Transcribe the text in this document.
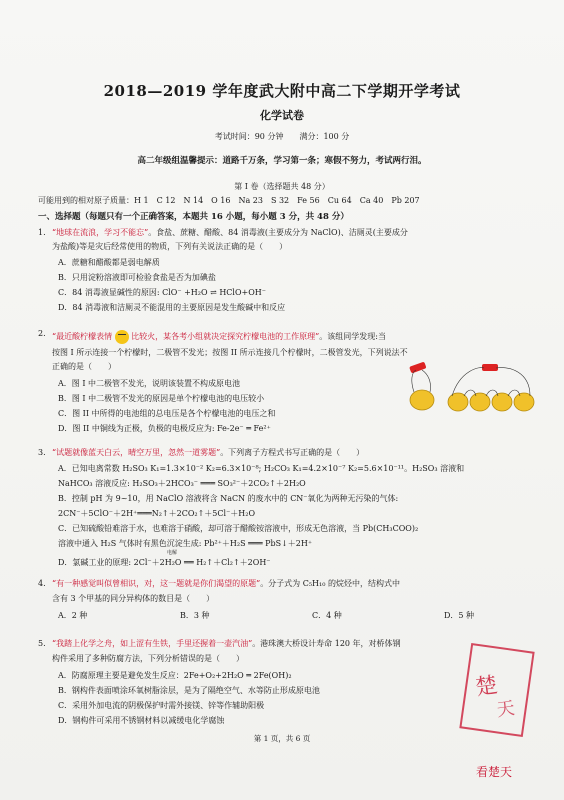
2018—2019 学年度武大附中高二下学期开学考试
化学试卷
考试时间：90 分钟　　满分：100 分
高二年级组温馨提示：道路千万条，学习第一条；寒假不努力，考试两行泪。
第 I 卷（选择题共 48 分）
可能用到的相对原子质量：H 1　C 12　N 14　O 16　Na 23　S 32　Fe 56　Cu 64　Ca 40　Pb 207
一、选择题（每题只有一个正确答案，本题共 16 小题，每小题 3 分，共 48 分）
1. “地球在流浪，学习不能忘”。食盐、蔗糖、醋酸、84 消毒液(主要成分为 NaClO)、洁厕灵(主要成分
为盐酸)等是灾后经常使用的物质，下列有关说法正确的是（　　）
A．蔗糖和醋酸都是弱电解质
B．只用淀粉溶液即可检验食盐是否为加碘盐
C．84 消毒液显碱性的原因: ClO⁻ +H₂O ⇌ HClO+OH⁻
D．84 消毒液和洁厕灵不能混用的主要原因是发生酸碱中和反应
2. “最近酸柠檬表情 比较火，某各考小组就决定探究柠檬电池的工作原理”。该组同学发现:当
按图 I 所示连接一个柠檬时，二极管不发光；按图 II 所示连接几个柠檬时，二极管发光，下列说法不
正确的是（　　）
A．图 I 中二极管不发光，说明该装置不构成原电池
B．图 I 中二极管不发光的原因是单个柠檬电池的电压较小
C．图 II 中所得的电池组的总电压是各个柠檬电池的电压之和
D．图 II 中铜线为正极，负极的电极反应为: Fe-2e⁻ ═ Fe²⁺
3. “试题就像蓝天白云，晴空万里，忽然一道雾题”。下列离子方程式书写正确的是（　　）
A．已知电离常数 H₂SO₃ K₁=1.3×10⁻² K₂=6.3×10⁻⁸; H₂CO₃ K₁=4.2×10⁻⁷ K₂=5.6×10⁻¹¹。H₂SO₃ 溶液和
NaHCO₃ 溶液反应: H₂SO₃＋2HCO₃⁻ ═══ SO₃²⁻＋2CO₂↑＋2H₂O
B．控制 pH 为 9~10，用 NaClO 溶液将含 NaCN 的废水中的 CN⁻氧化为两种无污染的气体:
2CN⁻＋5ClO⁻＋2H⁺═══N₂↑＋2CO₂↑＋5Cl⁻＋H₂O
C．已知硫酸铅难溶于水，也难溶于硝酸，却可溶于醋酸铵溶液中，形成无色溶液，当 Pb(CH₃COO)₂
溶液中通入 H₂S 气体时有黑色沉淀生成: Pb²⁺＋H₂S ═══ PbS↓＋2H⁺
D．氯碱工业的原理: 2Cl⁻＋2H₂O ══ H₂↑＋Cl₂↑＋2OH⁻
电解
4. “有一种感觉叫似曾相识，对，这一题就是你们渴望的原题”。分子式为 C₅H₁₀ 的烷烃中，结构式中
含有 3 个甲基的同分异构体的数目是（　　）
A．2 种	B．3 种	C．4 种	D．5 种
5. “我踏上化学之舟，如上涩有生铁，手里还握着一壶汽油”。港珠澳大桥设计寿命 120 年，对桥体钢
构件采用了多种防腐方法，下列分析错误的是（　　）
A．防腐原理主要是避免发生反应：2Fe+O₂+2H₂O ═ 2Fe(OH)₂
B．钢构件表面喷涂环氧树脂涂层，是为了隔绝空气、水等防止形成原电池
C．采用外加电流的阴极保护时需外接镁、锌等作辅助阳极
D．钢构件可采用不锈钢材料以减缓电化学腐蚀
第 1 页，共 6 页
楚
天
看楚天
